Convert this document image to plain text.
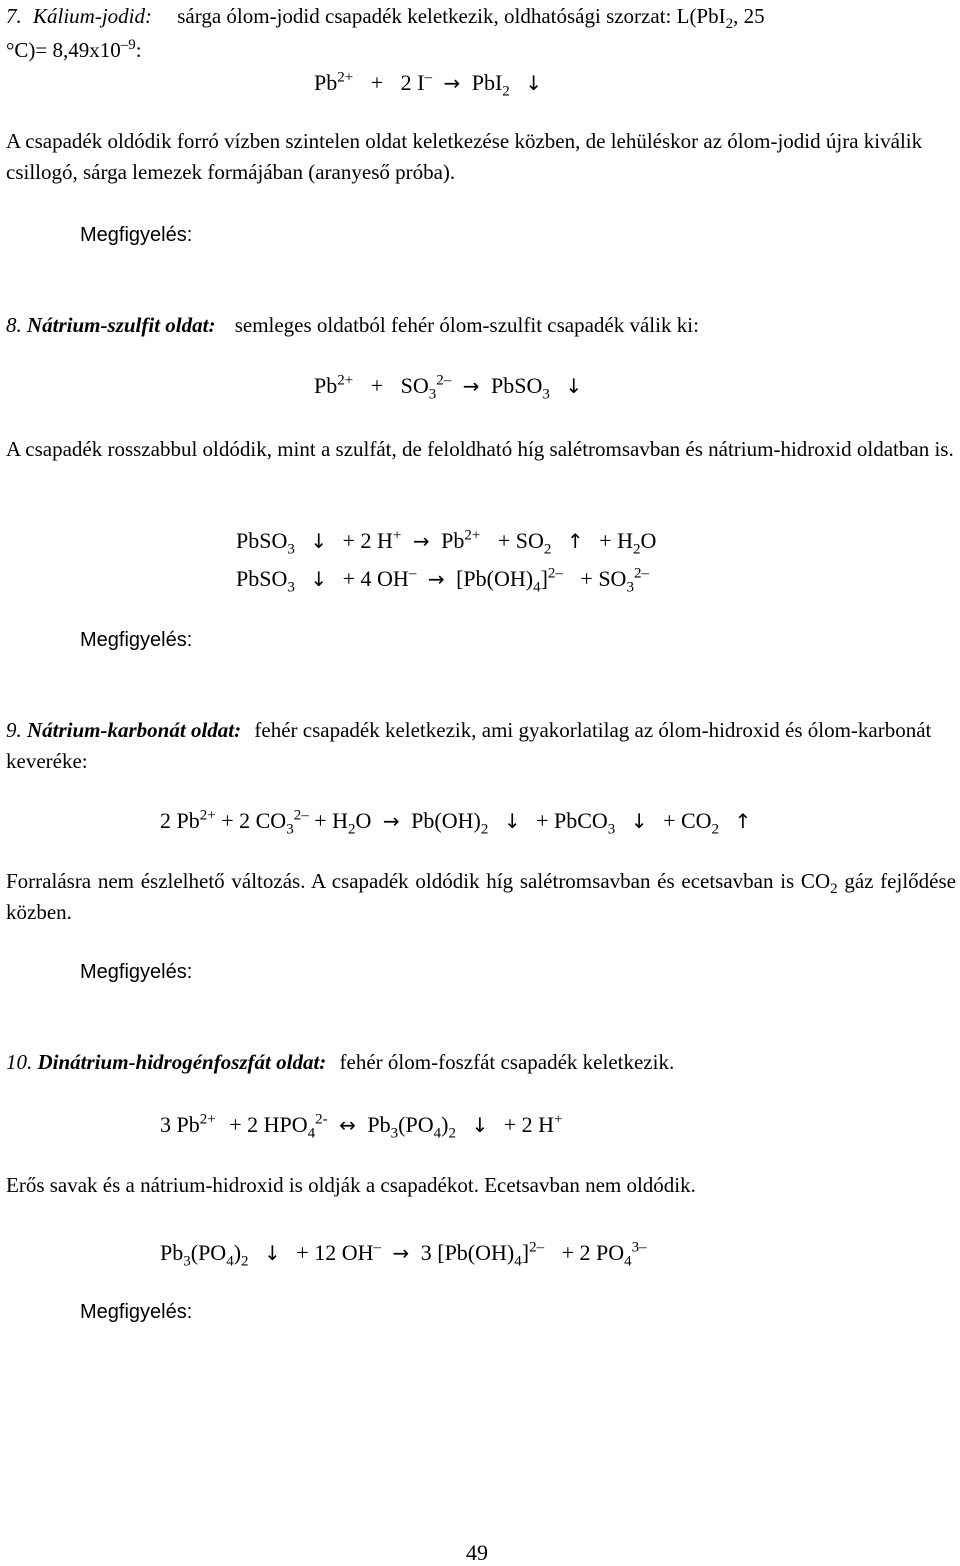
7. Kálium-jodid: sárga ólom-jodid csapadék keletkezik, oldhatósági szorzat: L(PbI$_2$, 25
$^\circ C)= 8,49x10^{-9}$:
$Pb^{2+} + 2$ I– → PbI$_2$ ↓
A csapadék oldódik forró vízben szintelen oldat keletkezése közben, de lehüléskor az ólom-jodid újra kiválik csillogó, sárga lemezek formájában (aranyeső próba).
Megfigyelés:
8. Nátrium-szulfit oldat: semleges oldatból fehér ólom-szulfit csapadék válik ki:
$Pb^{2+} + SO_3^{2-}$ → PbSO$_3$ ↓
A csapadék rosszabbul oldódik, mint a szulfát, de feloldható híg salétromsavban és nátrium-hidroxid oldatban is.
PbSO$_3$ ↓ + 2 $H^+ \to Pb^{2+} + SO_2$ ↑ + $H_2O$
PbSO$_3$ ↓ + 4 $OH^- \to [Pb(OH)_4]^{2-} + SO_3^{2-}$
Megfigyelés:
9. Nátrium-karbonát oldat: fehér csapadék keletkezik, ami gyakorlatilag az ólom-hidroxid és ólom-karbonát keveréke:
2 $Pb^{2+} + 2$ $CO_3^{2-} + H_2O \to Pb(OH)_2$ ↓ + PbCO$_3$ ↓ + $CO_2$ ↑
Forralásra nem észlelhető változás. A csapadék oldódik híg salétromsavban és ecetsavban is $CO_2$ gáz fejlődése közben.
Megfigyelés:
10. Dinátrium-hidrogénfoszfát oldat: fehér ólom-foszfát csapadék keletkezik.
3 $Pb^{2+} + 2$ $HPO_4^{2-}$ ↔ $Pb_3(PO_4)_2$ ↓ + 2 H+
Erős savak és a nátrium-hidroxid is oldják a csapadékot. Ecetsavban nem oldódik.
$Pb_3(PO_4)_2$ ↓ + 12 OH– → 3 $[Pb(OH)_4]^{2-} + 2$ $PO_4^{3-}$
Megfigyelés:
49
